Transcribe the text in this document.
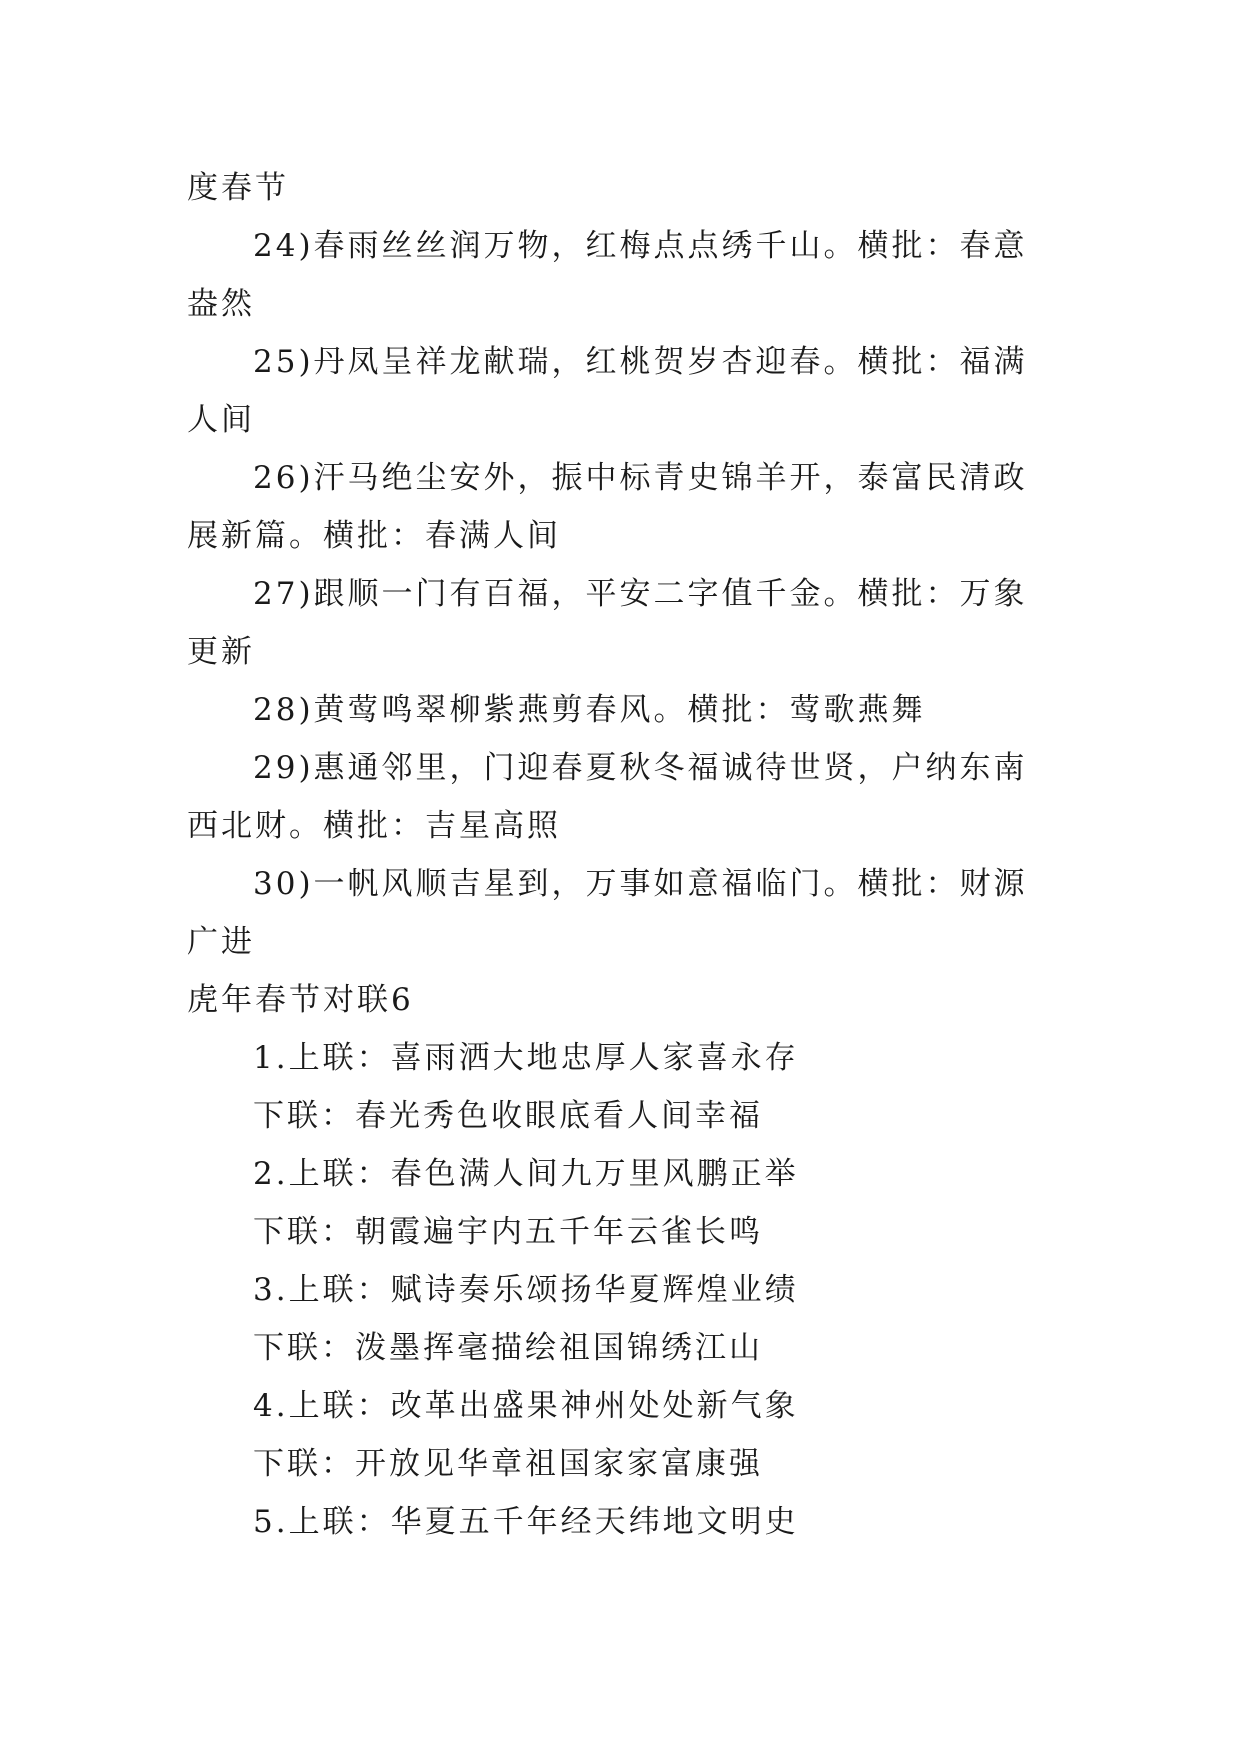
度春节

24)春雨丝丝润万物，红梅点点绣千山。横批：春意盎然

25)丹凤呈祥龙献瑞，红桃贺岁杏迎春。横批：福满人间

26)汗马绝尘安外，振中标青史锦羊开，泰富民清政展新篇。横批：春满人间

27)跟顺一门有百福，平安二字值千金。横批：万象更新

28)黄莺鸣翠柳紫燕剪春风。横批：莺歌燕舞

29)惠通邻里，门迎春夏秋冬福诚待世贤，户纳东南西北财。横批：吉星高照

30)一帆风顺吉星到，万事如意福临门。横批：财源广进

虎年春节对联6

1.上联：喜雨洒大地忠厚人家喜永存

下联：春光秀色收眼底看人间幸福

2.上联：春色满人间九万里风鹏正举

下联：朝霞遍宇内五千年云雀长鸣

3.上联：赋诗奏乐颂扬华夏辉煌业绩

下联：泼墨挥毫描绘祖国锦绣江山

4.上联：改革出盛果神州处处新气象

下联：开放见华章祖国家家富康强

5.上联：华夏五千年经天纬地文明史
